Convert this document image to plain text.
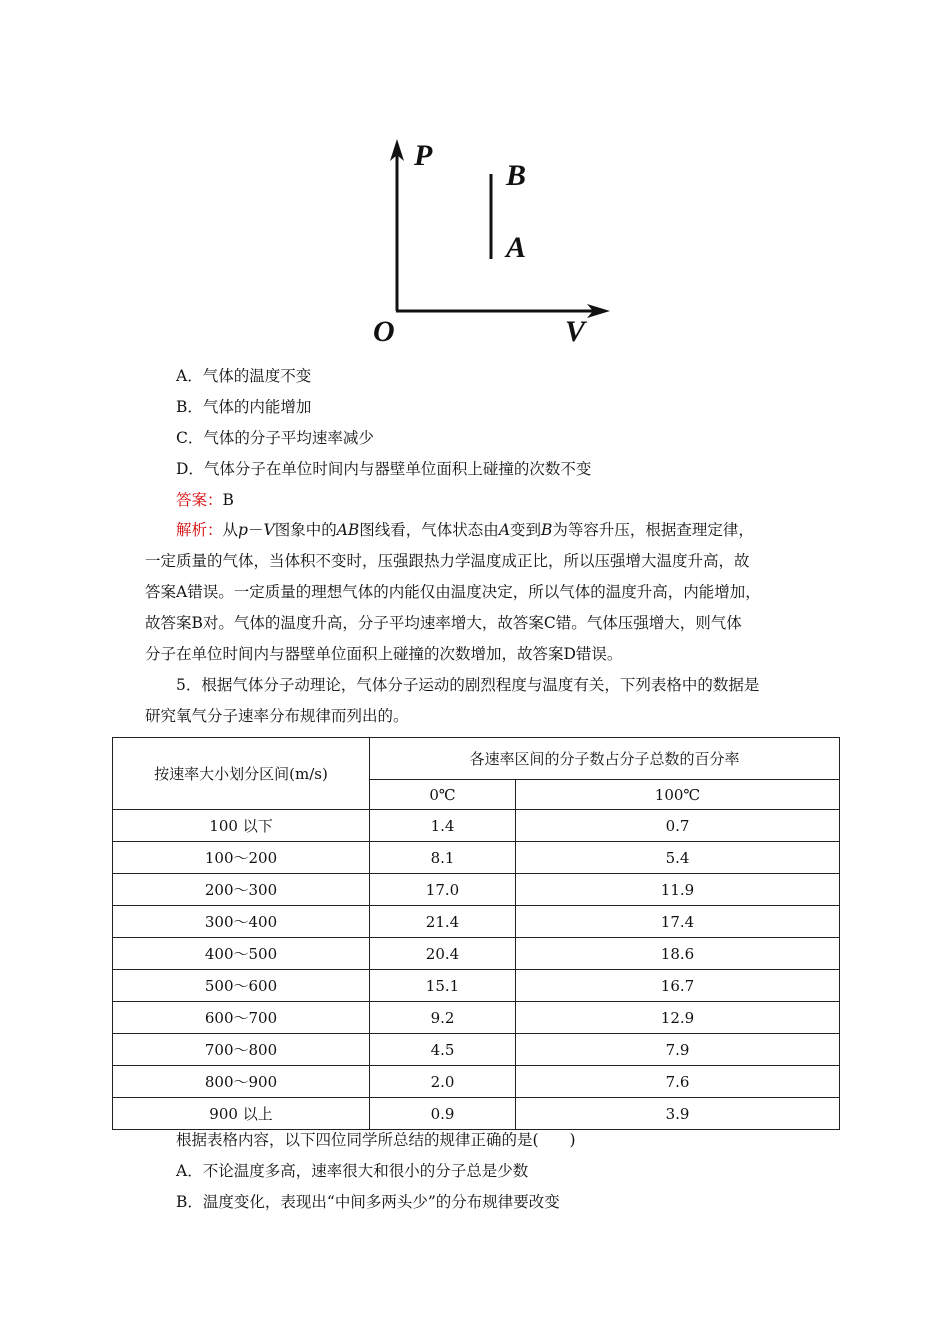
P
B
A
O	V
A．气体的温度不变
B．气体的内能增加
C．气体的分子平均速率减少
D．气体分子在单位时间内与器壁单位面积上碰撞的次数不变
答案：B
解析：从p－V图象中的AB图线看，气体状态由A变到B为等容升压，根据查理定律，
一定质量的气体，当体积不变时，压强跟热力学温度成正比，所以压强增大温度升高，故
答案A错误。一定质量的理想气体的内能仅由温度决定，所以气体的温度升高，内能增加，
故答案B对。气体的温度升高，分子平均速率增大，故答案C错。气体压强增大，则气体
分子在单位时间内与器壁单位面积上碰撞的次数增加，故答案D错误。
5．根据气体分子动理论，气体分子运动的剧烈程度与温度有关，下列表格中的数据是
研究氧气分子速率分布规律而列出的。
按速率大小划分区间(m/s)	各速率区间的分子数占分子总数的百分率	
	0℃	100℃
100 以下	1.4	0.7
100～200	8.1	5.4
200～300	17.0	11.9
300～400	21.4	17.4
400～500	20.4	18.6
500～600	15.1	16.7
600～700	9.2	12.9
700～800	4.5	7.9
800～900	2.0	7.6
900 以上	0.9	3.9
根据表格内容，以下四位同学所总结的规律正确的是(　　)
A．不论温度多高，速率很大和很小的分子总是少数
B．温度变化，表现出“中间多两头少”的分布规律要改变
